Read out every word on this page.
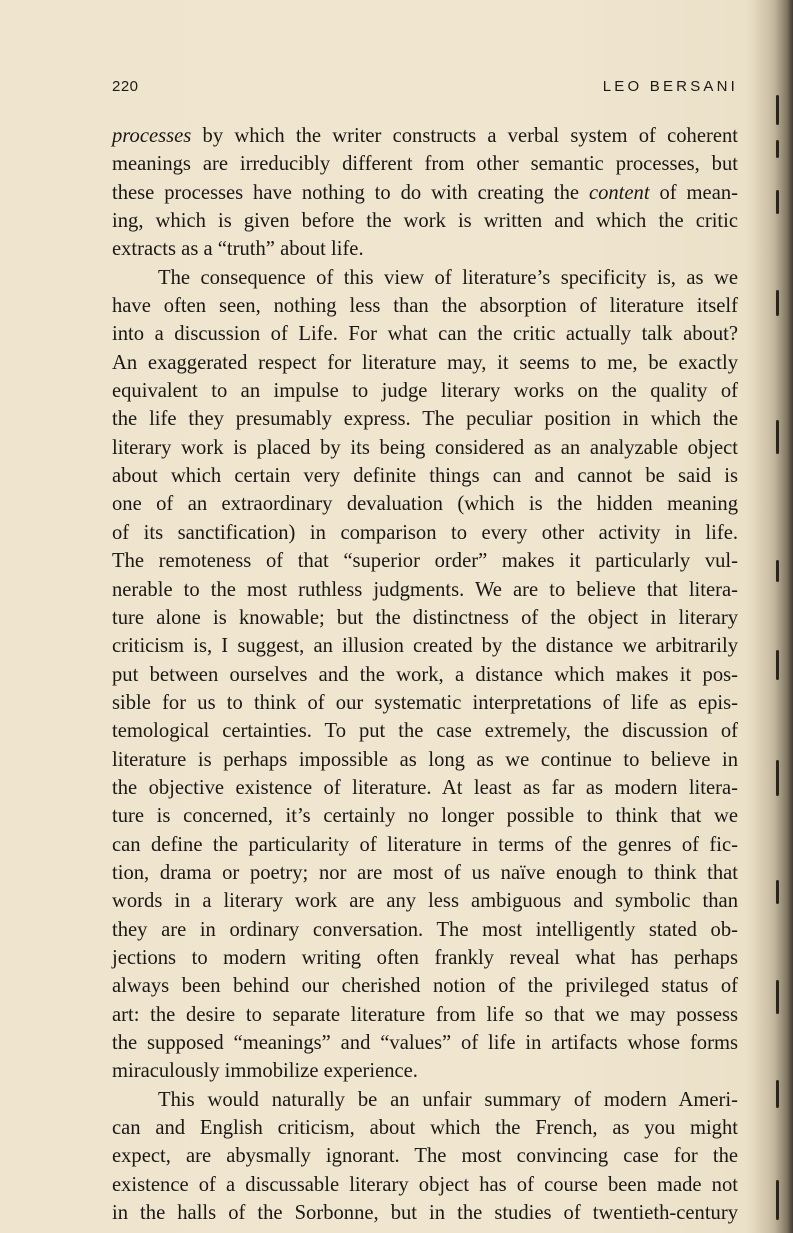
220	LEO BERSANI
processes by which the writer constructs a verbal system of coherent
meanings are irreducibly different from other semantic processes, but
these processes have nothing to do with creating the content of mean-
ing, which is given before the work is written and which the critic
extracts as a “truth” about life.
The consequence of this view of literature’s specificity is, as we
have often seen, nothing less than the absorption of literature itself
into a discussion of Life. For what can the critic actually talk about?
An exaggerated respect for literature may, it seems to me, be exactly
equivalent to an impulse to judge literary works on the quality of
the life they presumably express. The peculiar position in which the
literary work is placed by its being considered as an analyzable object
about which certain very definite things can and cannot be said is
one of an extraordinary devaluation (which is the hidden meaning
of its sanctification) in comparison to every other activity in life.
The remoteness of that “superior order” makes it particularly vul-
nerable to the most ruthless judgments. We are to believe that litera-
ture alone is knowable; but the distinctness of the object in literary
criticism is, I suggest, an illusion created by the distance we arbitrarily
put between ourselves and the work, a distance which makes it pos-
sible for us to think of our systematic interpretations of life as epis-
temological certainties. To put the case extremely, the discussion of
literature is perhaps impossible as long as we continue to believe in
the objective existence of literature. At least as far as modern litera-
ture is concerned, it’s certainly no longer possible to think that we
can define the particularity of literature in terms of the genres of fic-
tion, drama or poetry; nor are most of us naïve enough to think that
words in a literary work are any less ambiguous and symbolic than
they are in ordinary conversation. The most intelligently stated ob-
jections to modern writing often frankly reveal what has perhaps
always been behind our cherished notion of the privileged status of
art: the desire to separate literature from life so that we may possess
the supposed “meanings” and “values” of life in artifacts whose forms
miraculously immobilize experience.
This would naturally be an unfair summary of modern Ameri-
can and English criticism, about which the French, as you might
expect, are abysmally ignorant. The most convincing case for the
existence of a discussable literary object has of course been made not
in the halls of the Sorbonne, but in the studies of twentieth-century
